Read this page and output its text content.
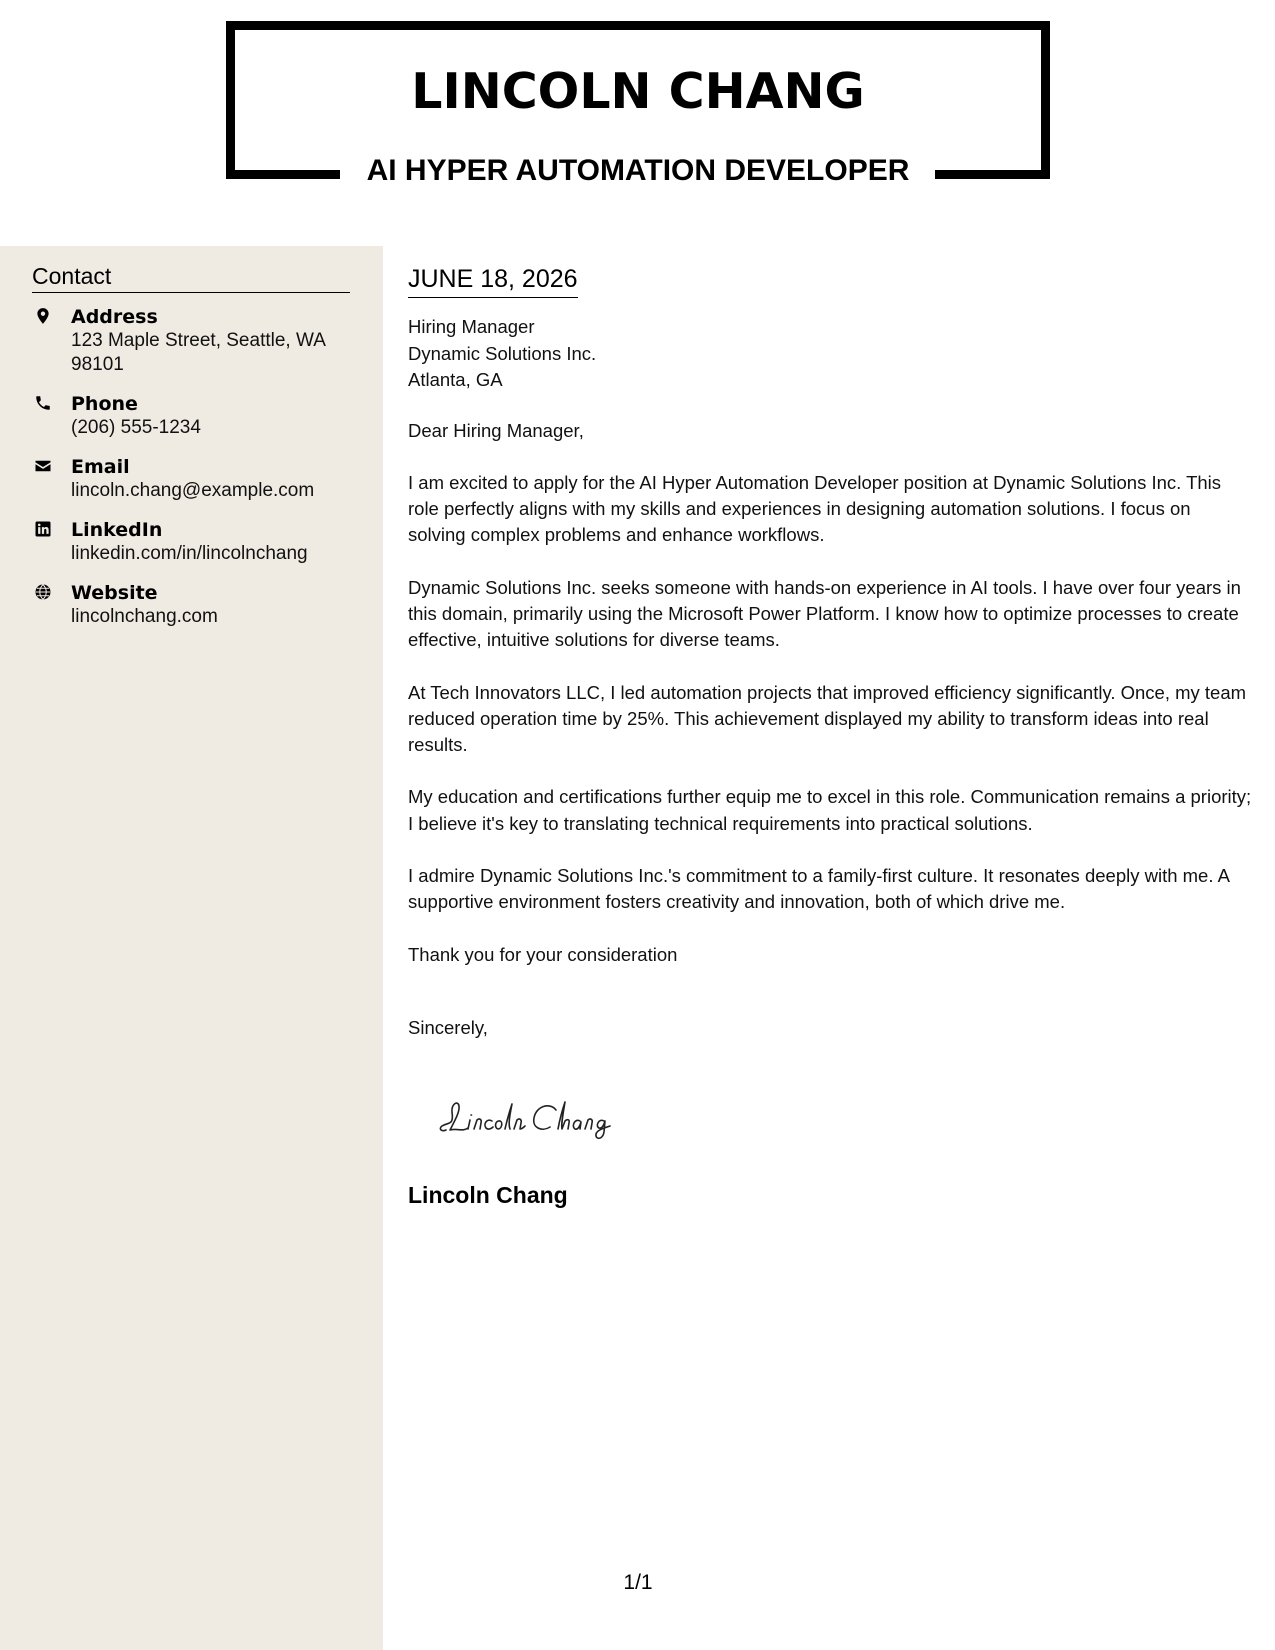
LINCOLN CHANG
AI HYPER AUTOMATION DEVELOPER
Contact
Address
123 Maple Street, Seattle, WA
98101
Phone
(206) 555-1234
Email
lincoln.chang@example.com
LinkedIn
linkedin.com/in/lincolnchang
Website
lincolnchang.com
JUNE 18, 2026
Hiring Manager
Dynamic Solutions Inc.
Atlanta, GA
Dear Hiring Manager,
I am excited to apply for the AI Hyper Automation Developer position at Dynamic Solutions Inc. This role perfectly aligns with my skills and experiences in designing automation solutions. I focus on solving complex problems and enhance workflows.
Dynamic Solutions Inc. seeks someone with hands-on experience in AI tools. I have over four years in this domain, primarily using the Microsoft Power Platform. I know how to optimize processes to create effective, intuitive solutions for diverse teams.
At Tech Innovators LLC, I led automation projects that improved efficiency significantly. Once, my team reduced operation time by 25%. This achievement displayed my ability to transform ideas into real results.
My education and certifications further equip me to excel in this role. Communication remains a priority; I believe it's key to translating technical requirements into practical solutions.
I admire Dynamic Solutions Inc.'s commitment to a family-first culture. It resonates deeply with me. A supportive environment fosters creativity and innovation, both of which drive me.
Thank you for your consideration
Sincerely,
Lincoln Chang
1/1
